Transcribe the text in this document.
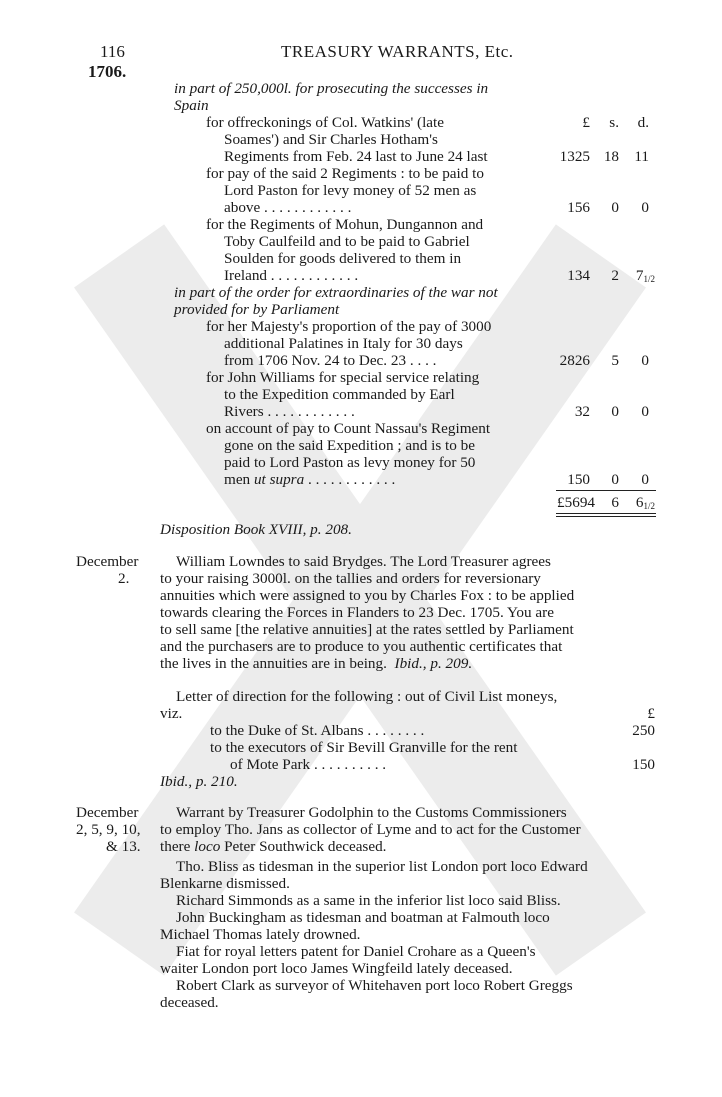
116	TREASURY WARRANTS, Etc.
1706.
in part of 250,000l. for prosecuting the successes in
Spain
£	s.	d.
for offreckonings of Col. Watkins' (late
Soames') and Sir Charles Hotham's
Regiments from Feb. 24 last to June 24 last	1325 18	11
for pay of the said 2 Regiments : to be paid to
Lord Paston for levy money of 52 men as
above . . . . . . . . . . . .	156	0	0
for the Regiments of Mohun, Dungannon and
Toby Caulfeild and to be paid to Gabriel
Soulden for goods delivered to them in
Ireland . . . . . . . . . . . .	134	2	$7_{1/2}$
in part of the order for extraordinaries of the war not
provided for by Parliament
for her Majesty's proportion of the pay of 3000
additional Palatines in Italy for 30 days
from 1706 Nov. 24 to Dec. 23 . . . .	2826	5	0
for John Williams for special service relating
to the Expedition commanded by Earl
Rivers . . . . . . . . . . . .	32	0	0
on account of pay to Count Nassau's Regiment
gone on the said Expedition ; and is to be
paid to Lord Paston as levy money for 50
men ut supra . . . . . . . . . . . .	150	0	0
£5694	6	$6_{1/2}$
Disposition Book XVIII, p. 208.
December
2.
William Lowndes to said Brydges. The Lord Treasurer agrees
to your raising 3000l. on the tallies and orders for reversionary
annuities which were assigned to you by Charles Fox : to be applied
towards clearing the Forces in Flanders to 23 Dec. 1705. You are
to sell same [the relative annuities] at the rates settled by Parliament
and the purchasers are to produce to you authentic certificates that
the lives in the annuities are in being. Ibid., p. 209.
Letter of direction for the following : out of Civil List moneys,
viz.	£
to the Duke of St. Albans . . . . . . . .	250
to the executors of Sir Bevill Granville for the rent
of Mote Park . . . . . . . . . .	150
Ibid., p. 210.
December
2, 5, 9, 10,
& 13.
Warrant by Treasurer Godolphin to the Customs Commissioners
to employ Tho. Jans as collector of Lyme and to act for the Customer
there loco Peter Southwick deceased.
Tho. Bliss as tidesman in the superior list London port loco Edward
Blenkarne dismissed.
Richard Simmonds as a same in the inferior list loco said Bliss.
John Buckingham as tidesman and boatman at Falmouth loco
Michael Thomas lately drowned.
Fiat for royal letters patent for Daniel Crohare as a Queen's
waiter London port loco James Wingfeild lately deceased.
Robert Clark as surveyor of Whitehaven port loco Robert Greggs
deceased.
